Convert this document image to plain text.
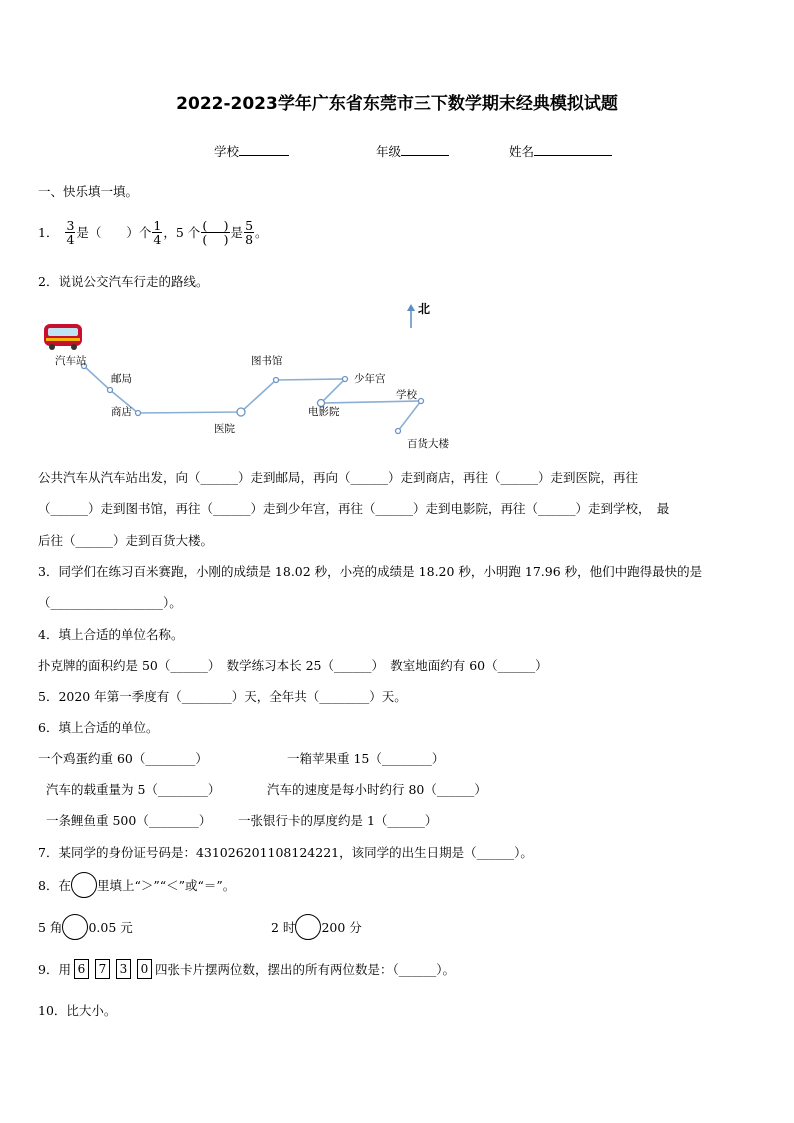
2022-2023学年广东省东莞市三下数学期末经典模拟试题
学校	年级	姓名
一、快乐填一填。
1． $\frac{3}{4}$ 是（　　）个 $\frac{1}{4}$ ，5 个 $\frac{( )}{( )}$ 是 $\frac{5}{8}$ 。
2．说说公交汽车行走的路线。
北
汽车站
邮局
商店
医院
图书馆
少年宫
电影院
学校
百货大楼
公共汽车从汽车站出发，向（______）走到邮局，再向（______）走到商店，再往（______）走到医院，再往
（______）走到图书馆，再往（______）走到少年宫，再往（______）走到电影院，再往（______）走到学校，　最
后往（______）走到百货大楼。
3．同学们在练习百米赛跑，小刚的成绩是 18.02 秒，小亮的成绩是 18.20 秒，小明跑 17.96 秒，他们中跑得最快的是
（__________________）。
4．填上合适的单位名称。
扑克牌的面积约是 50（______）　数学练习本长 25（______）　教室地面约有 60（______）
5．2020 年第一季度有（________）天，全年共（________）天。
6．填上合适的单位。
一个鸡蛋约重 60（________）	一箱苹果重 15（________）
汽车的载重量为 5（________）	汽车的速度是每小时约行 80（______）
一条鲤鱼重 500（________） 一张银行卡的厚度约是 1（______）
7．某同学的身份证号码是：431026201108124221，该同学的出生日期是（______）。
8．在 里填上“＞”“＜”或“＝”。
5 角 0.05 元	2 时 200 分
9．用 6	7	3	0 四张卡片摆两位数，摆出的所有两位数是：（______）。
10．比大小。
